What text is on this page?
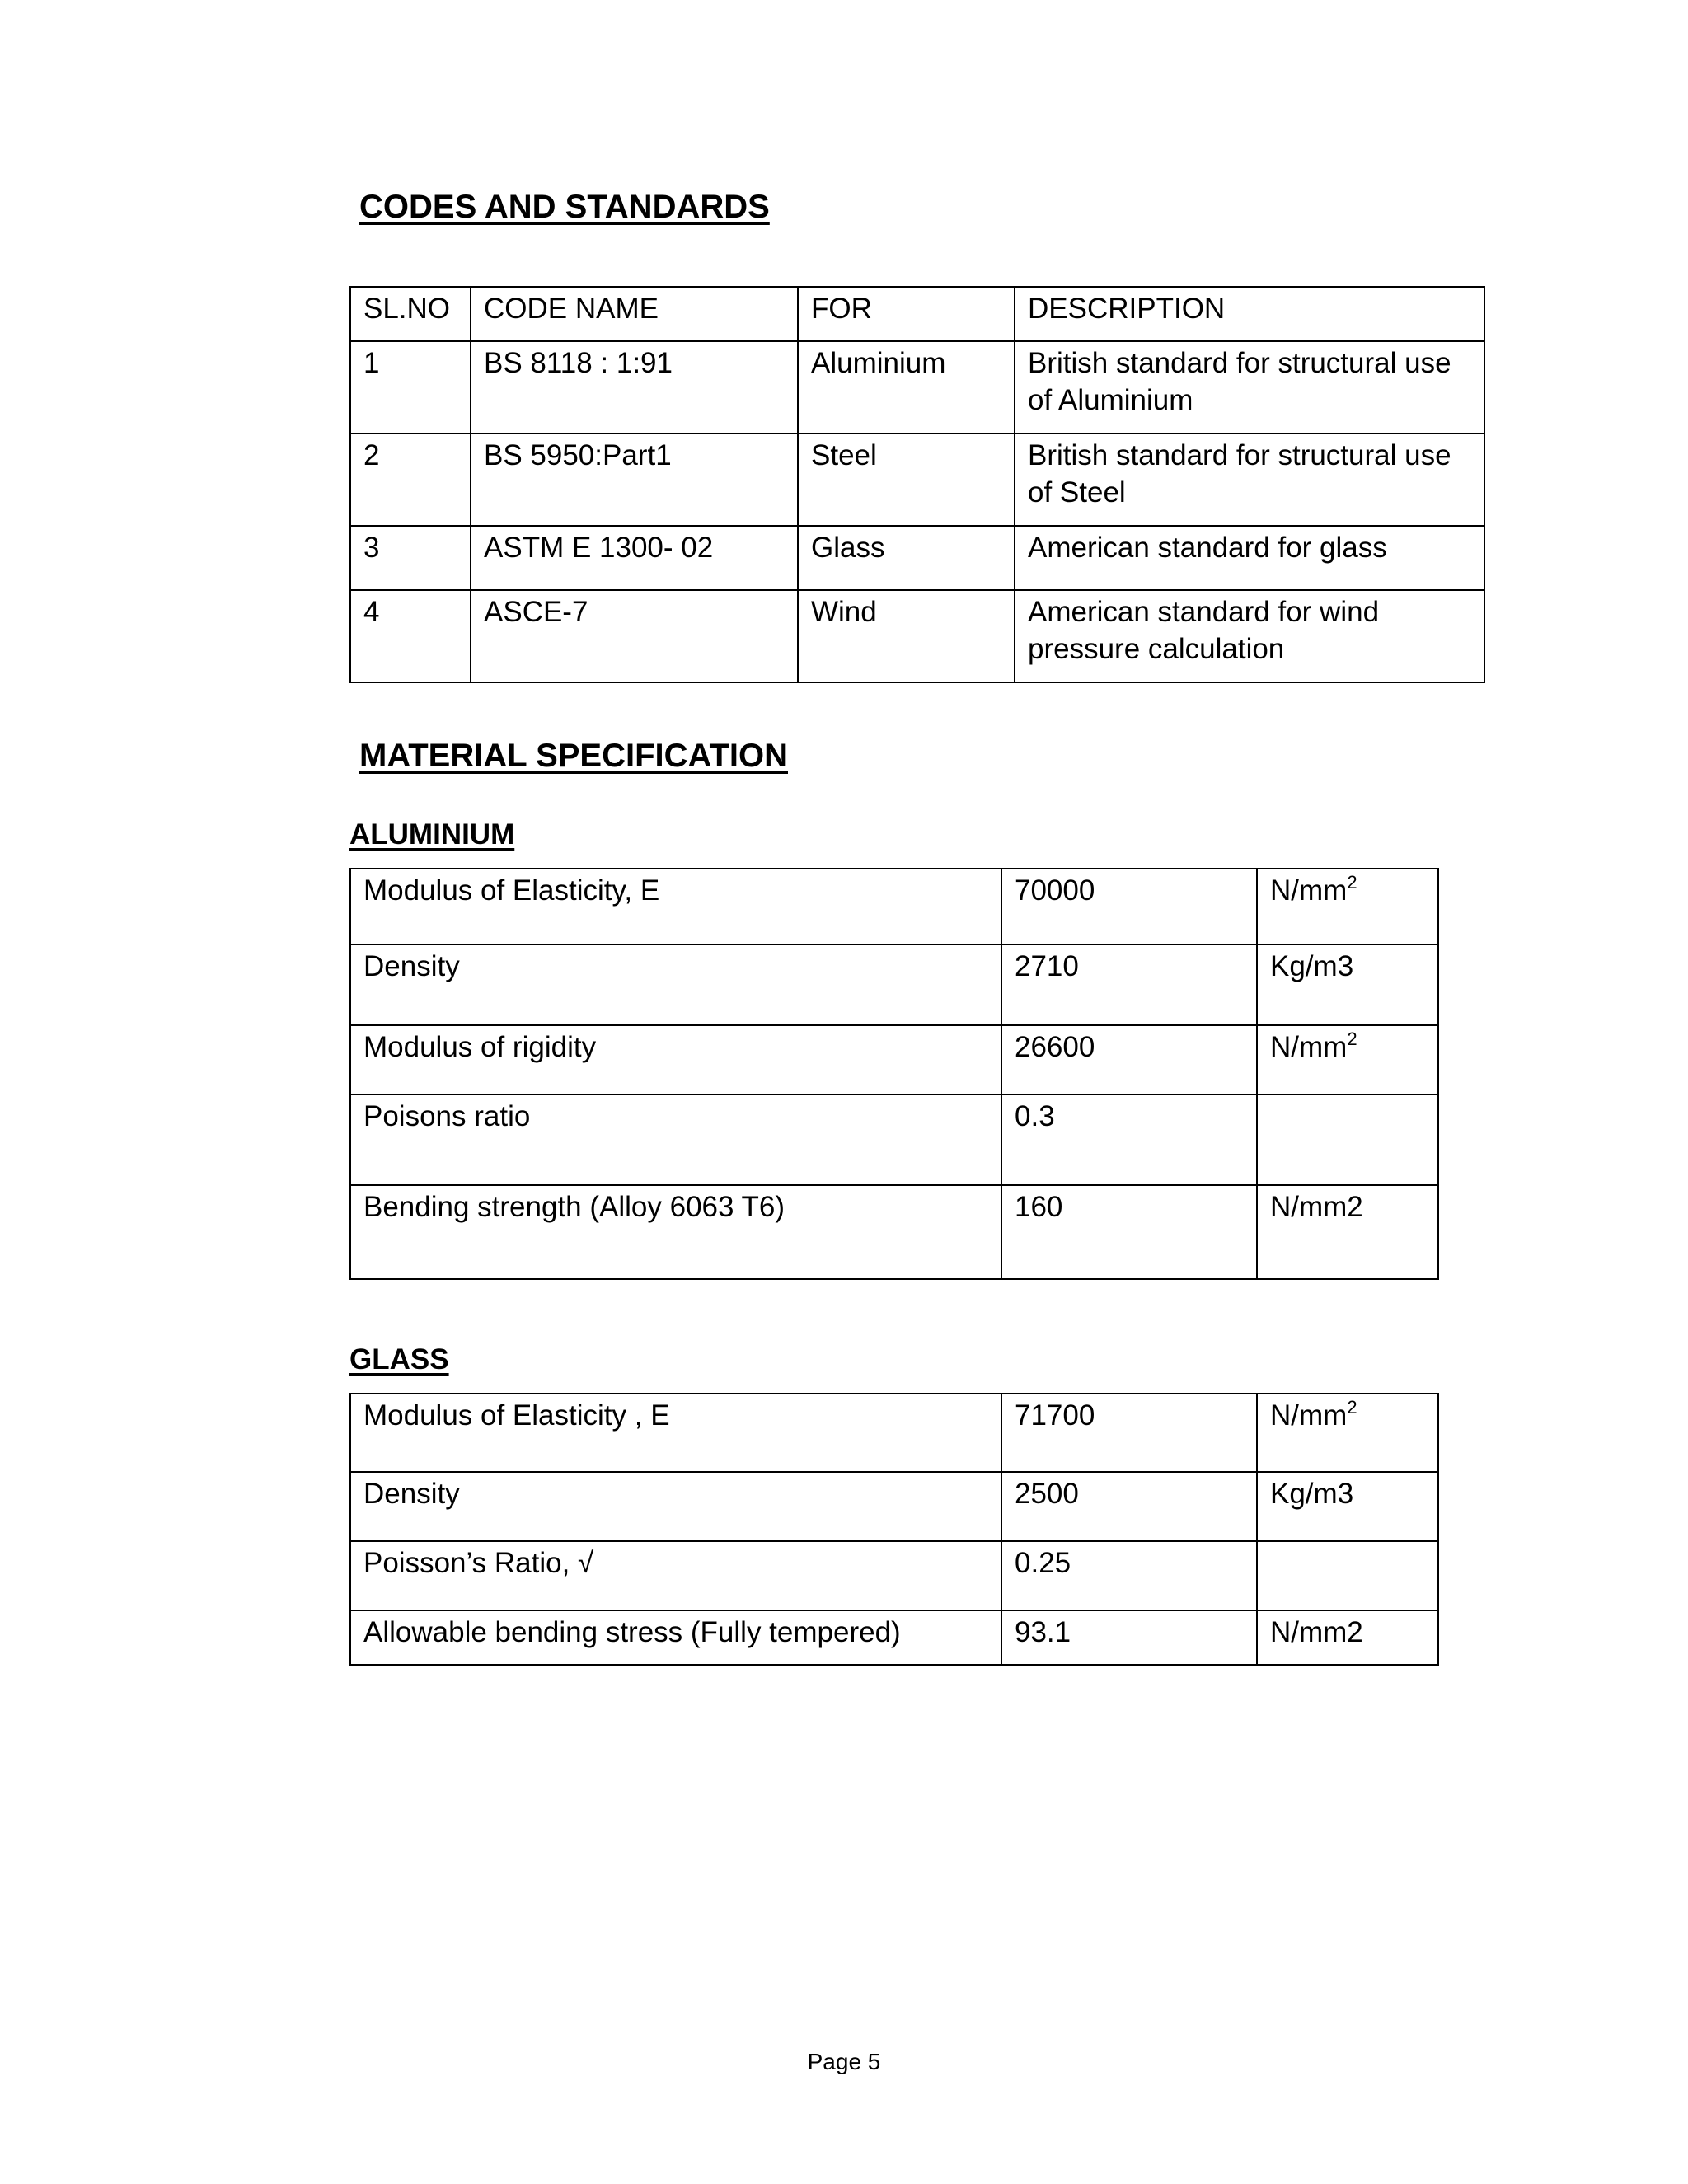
CODES AND STANDARDS
SL.NO	CODE NAME	FOR	DESCRIPTION
1	BS 8118 : 1:91	Aluminium	British standard for structural use
of Aluminium

2	BS 5950:Part1	Steel	British standard for structural use
of Steel

3	ASTM E 1300- 02	Glass	American standard for glass

4	ASCE-7	Wind	American standard for wind
pressure calculation
MATERIAL SPECIFICATION
ALUMINIUM
Modulus of Elasticity, E	70000	$N/mm^2$
Density	2710	Kg/m3
Modulus of rigidity	26600	$N/mm^2$
Poisons ratio	0.3	
Bending strength (Alloy 6063 T6)	160	N/mm2
GLASS
Modulus of Elasticity , E	71700	$N/mm^2$
Density	2500	Kg/m3
Poisson’s Ratio, √	0.25	
Allowable bending stress (Fully tempered)	93.1	N/mm2
Page 5
